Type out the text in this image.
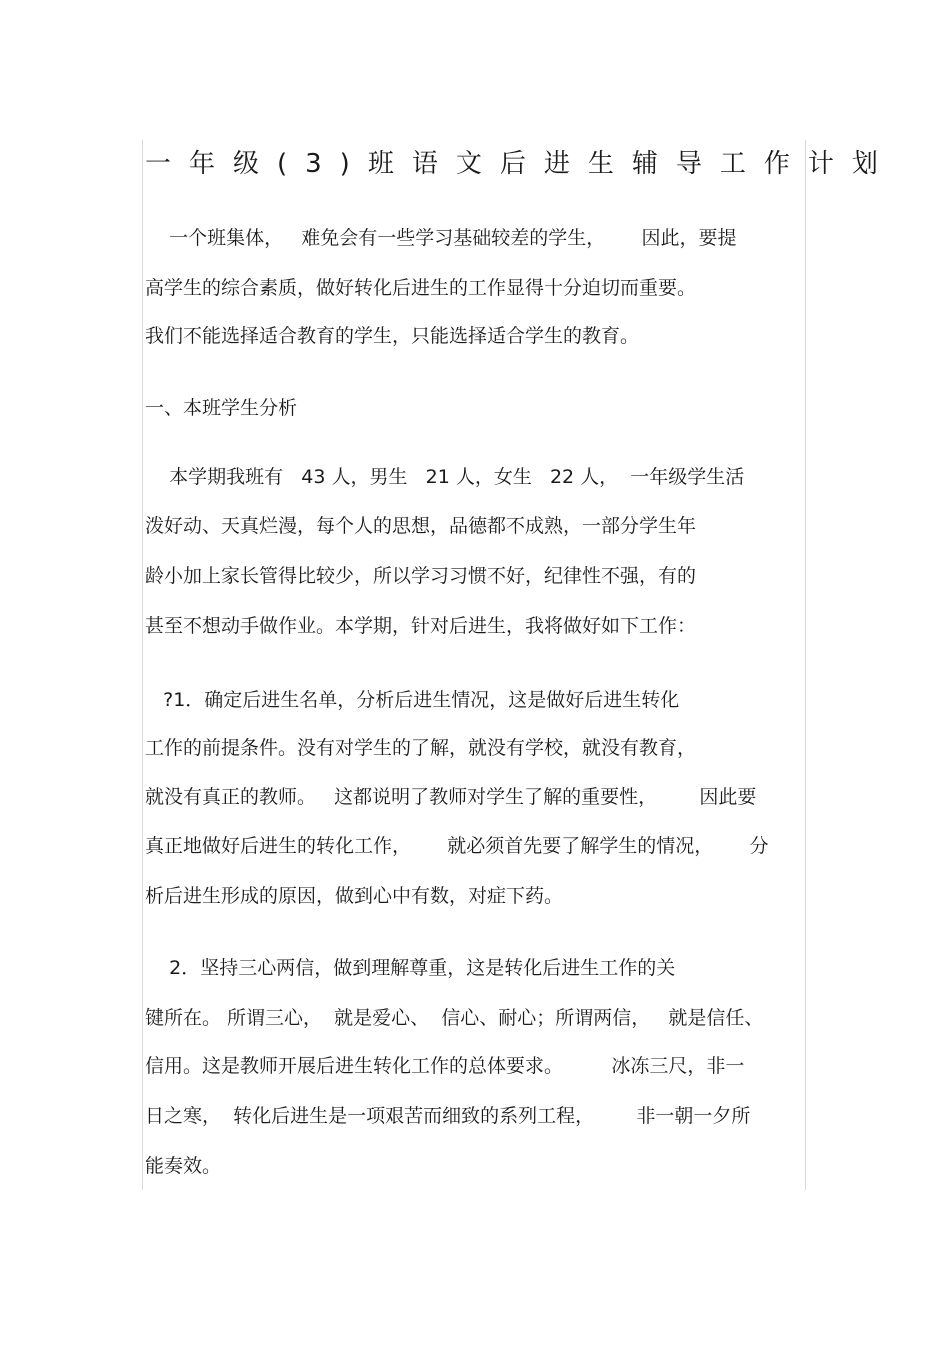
一年级(3)班语文后进生辅导工作计划
一个班集体，   难免会有一些学习基础较差的学生，      因此，要提
高学生的综合素质，做好转化后进生的工作显得十分迫切而重要。
我们不能选择适合教育的学生，只能选择适合学生的教育。
一、本班学生分析
本学期我班有   43 人，男生   21 人，女生   22 人，  一年级学生活
泼好动、天真烂漫，每个人的思想，品德都不成熟，一部分学生年
龄小加上家长管得比较少，所以学习习惯不好，纪律性不强，有的
甚至不想动手做作业。本学期，针对后进生，我将做好如下工作：
?1．确定后进生名单，分析后进生情况，这是做好后进生转化
工作的前提条件。没有对学生的了解，就没有学校，就没有教育，
就没有真正的教师。   这都说明了教师对学生了解的重要性，       因此要
真正地做好后进生的转化工作，      就必须首先要了解学生的情况，      分
析后进生形成的原因，做到心中有数，对症下药。
2．坚持三心两信，做到理解尊重，这是转化后进生工作的关
键所在。 所谓三心，  就是爱心、  信心、耐心；所谓两信，   就是信任、
信用。这是教师开展后进生转化工作的总体要求。        冰冻三尺，非一
日之寒，  转化后进生是一项艰苦而细致的系列工程，       非一朝一夕所
能奏效。
